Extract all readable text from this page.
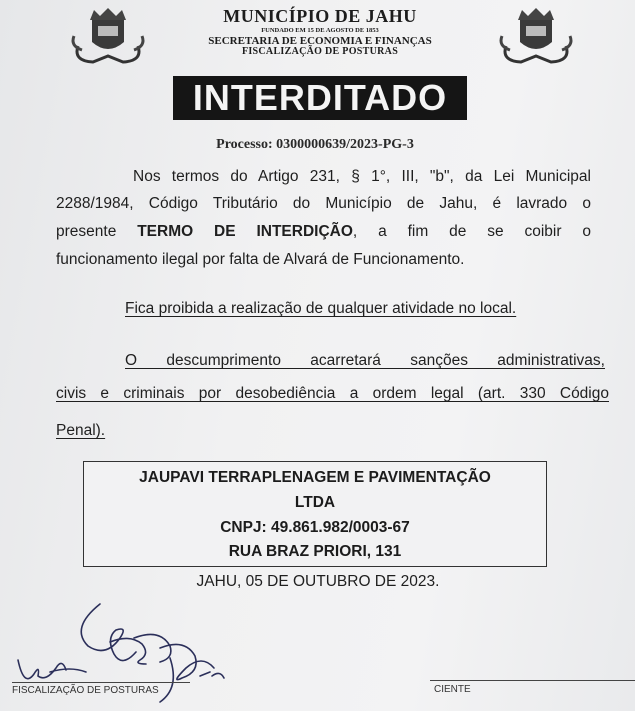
MUNICÍPIO DE JAHU
FUNDADO EM 15 DE AGOSTO DE 1853
SECRETARIA DE ECONOMIA E FINANÇAS
FISCALIZAÇÃO DE POSTURAS
INTERDITADO
Processo: 0300000639/2023-PG-3
Nos termos do Artigo 231, § 1°, III, "b", da Lei Municipal
2288/1984, Código Tributário do Município de Jahu, é lavrado o
presente TERMO DE INTERDIÇÃO, a fim de se coibir o
funcionamento ilegal por falta de Alvará de Funcionamento.
Fica proibida a realização de qualquer atividade no local.
O descumprimento acarretará sanções administrativas,
civis e criminais por desobediência a ordem legal (art. 330 Código
Penal).
JAUPAVI TERRAPLENAGEM E PAVIMENTAÇÃO
LTDA
CNPJ: 49.861.982/0003-67
RUA BRAZ PRIORI, 131
JAHU, 05 DE OUTUBRO DE 2023.
FISCALIZAÇÃO DE POSTURAS	CIENTE
